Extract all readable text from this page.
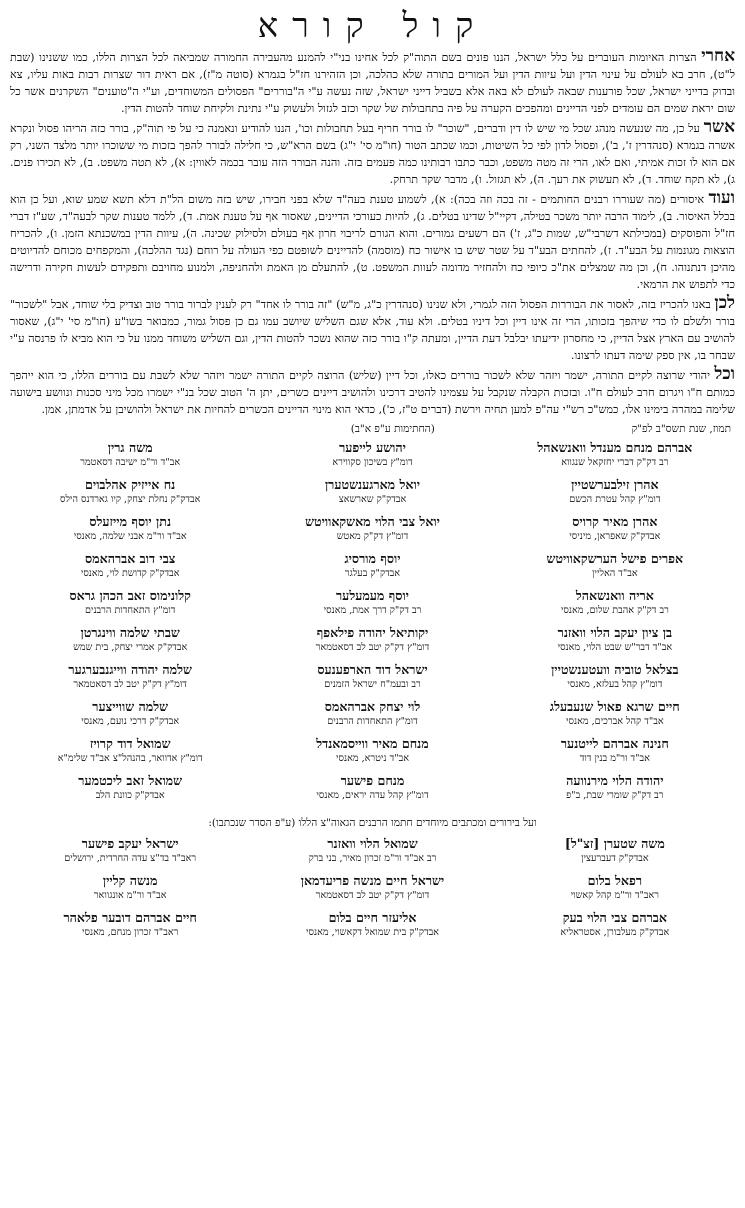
קול קורא

אחרי הצרות האיומות העוברים על כלל ישראל, הננו פונים בשם התוה"ק לכל אחינו בני"י להמנע מהעבירה החמורה שמביאה לכל הצרות הללו, כמו ששנינו (שבת ל"ט), חרב בא לעולם על עינוי הדין ועל עיוות הדין ועל המורים בתורה שלא כהלכה, וכן הזהירנו חז"ל בגמרא (סוטה מ"ז), אם ראית דור שצרות רבות באות עליו, צא ובדוק בדייני ישראל, שכל פורענות שבאה לעולם לא באה אלא בשביל דייני ישראל, שזה נעשה ע"י ה"בוררים" הפסולים המשוחדים, וע"י ה"טוענים" השקרנים אשר כל שום יראת שמים הם עומדים לפני הדיינים ומהפכים הקערה על פיה בתחבולות של שקר וכזב לגזול ולעשוק ע"י נתינת ולקיחת שוחד להטות הדין.

אשר על כן, מה שנעשה מנהג שכל מי שיש לו דין ודברים, "שוכר" לו בורר חריף בעל תחבולות וכו', הננו להודיע ונאמנה כי על פי תוה"ק, בורר כזה הריהו פסול ונקרא אשרה בגמרא (סנהדרין ז', ב'), ופסול לדון לפי כל השיטות, וכמו שכתב הטור (חו"מ סי' י"ג) בשם הרא"ש, כי חלילה לבורר להפך בזכות מי ששוכרו יותר מלצד השני, רק אם הוא לו זכות אמיתי, ואם לאו, הרי זה מטה משפט, וכבר כתבו רבותינו כמה פעמים בזה. והנה הבורר הזה עובר בכמה לאווין: א), לא תטה משפט. ב), לא תכירו פנים. ג), לא תקח שוחד. ד), לא תעשוק את רעך. ה), לא תגזול. ו), מדבר שקר תרחק.

ועוד איסורים (מה שעוררו רבנים החותמים - זה בכה וזה בכה): א), לשמוע טענת בעה"ד שלא בפני חבירו, שיש בזה משום הל"ת דלא תשא שמע שוא, ועל כן הוא בכלל האיסור. ב), לימוד הרבה יותר משכר בטילה, דקיי"ל שדינו בטלים. ג), להיות כעורכי הדיינים, שאסור אף על טענת אמת. ד), ללמד טענות שקר לבעה"ד, שע"ז דברי חז"ל והפוסקים (במכילתא דשרבי"ש, שמות כ"ג, ז') הם רשעים גמורים. והוא הגורם לריבוי חרון אף בעולם ולסילוק שכינה. ה), עיוות הדין במשכנתא הזמן. ו), להכריח הוצאות מגונמות על הבע"ד. ז), להחתים הבע"ד על שטר שיש בו אישור כח (מוסמה) להדיינים לשופטם כפי העולה על רוחם (נגד ההלכה), והמקפחים מכוחם להדיוטים מהיכן דנתנוהו. ח), וכן מה שמצלים את"כ כיופי כח ולהחזיר מדומה לעוות המשפט. ט), להתעלם מן האמת ולהחניפה, ולמנוע מחויבם ותפקידם לעשות חקירה ודרישה כדי לתפוש את הרמאי.

לכן באנו להכריז בזה, לאסור את הבוררות הפסול הזה לגמרי, ולא שנינו (סנהדרין כ"ג, מ"ש) "זה בורר לו אחד" רק לענין לברור בורר טוב וצדיק בלי שוחד, אבל "לשכור" בורר ולשלם לו כדי שיהפך בזכותו, הרי זה אינו דיין וכל דיניו בטלים. ולא עוד, אלא שגם השליש שיושב עמו גם כן פסול גמור, כמבואר בשו"ע (חו"מ סי' י"ג), שאסור להושיב עם הארץ אצל הדיין, כי מחסרון ידיעתו יבלבל דעת הדיין, ומעתה ק"ו בורר כזה שהוא נשכר להטות הדין, וגם השליש משוחד ממנו על כי הוא מביא לו פרנסה ע"י שבחר בו, אין ספק שימה דעתו לרצונו.

וכל יהודי שרוצה לקיים התורה, ישמר ויזהר שלא לשכור בוררים כאלו, וכל דיין (שליש) הרוצה לקיים התורה ישמר ויזהר שלא לשבת עם בוררים הללו, כי הוא ייהפך כמותם ח"ו ויגרום חרב לעולם ח"ו. ובזכות הקבלה שנקבל על עצמינו להטיב דרכינו ולהושיב דיינים כשרים, יתן ה' הטוב שכל בנ"י ישמרו מכל מיני סכנות ונוושע בישועה שלימה במהרה בימינו אלו, כמש"כ רש"י עה"פ למען תחיה וירשת (דברים ט"ז, כ'), כדאי הוא מינוי הדיינים הכשרים להחיות את ישראל ולהושיבן על אדמתן, אמן.

תמוז, שנת תשס"ב לפ"ק
(החתימות ע"פ א"ב)
אברהם מנחם מענדל וואנשאהל
רב דק"ק דברי יחזקאל שנגווא
יהושע לייפער
דומ"ץ בשיכון סקווירא
משה גרין
אב"ד ור"מ ישיבה דסאטמר
אהרן זילבערשטיין
דומ"ץ קהל עטרת הכשם
יואל מארגענשטערן
אבדק"ק שארשאצ
נח אייזיק אהלבוים
אבדק"ק נחלת יצחק, קיו גארדנס הילס
אהרן מאיר קרויס
אבדק"ק שאפראן, מיניסי
יואל צבי הלוי מאשקאוויטש
דומ"ץ דק"ק מאטש
נתן יוסף מייזעלס
אב"ד ור"מ אבני שלמה, מאנסי
אפרים פישל הערשקאוויטש
אב"ד האליין
יוסף מורסיג
אבדק"ק בעלגר
צבי דוב אברהאמס
אבדק"ק קדושת לוי, מאנסי
אריה וואנשאהל
רב דק"ק אהבת שלום, מאנסי
יוסף מעמעלער
רב דק"ק דרך אמת, מאנסי
קלונימוס זאב הכהן גראס
דומ"ץ התאחדות הרבנים
בן ציון יעקב הלוי וואזנר
אב"ד דבר"ש שבט הלוי, מאנסי
יקותיאל יהודה פילאפף
דומ"ץ דק"ק יטב לב דסאטמאר
שבתי שלמה ווינגרטן
אבדק"ק אמרי יצחק, בית שמש
בצלאל טוביה וועטענשטיין
דומ"ץ קהל בעלזא, מאנסי
ישראל דוד הארפענעס
רב ובעמ"ח ישראל הזמנים
שלמה יהודה ווייגנבערגער
דומ"ץ דק"ק יטב לב דסאטמאר
חיים שרגא פאול שנעבעלג
אב"ד קהל אברכים, מאנסי
לוי יצחק אברהאמס
דומ"ץ התאחדות הרבנים
שלמה שווייצער
אבדק"ק דרכי נועם, מאנסי
חנינה אברהם לייטנער
אב"ד ור"מ בנין דוד
מנחם מאיר ווייסמאנדל
אב"ד ניטרא, מאנסי
שמואל דוד קרויז
דומ"ץ אדוואר, בהנהל"צ אב"ד שלימ"א
יהודה הלוי מירנוועה
רב דק"ק שומרי שבת, ב"פ
מנחם פישער
דומ"ץ קהל עדה יראים, מאנסי
שמואל זאב ליכטמער
אבדק"ק כוונת הלב
ועל בירורים ומכתבים מיוחדים חתמו הרבנים הגאוה"צ הללו (ע"פ הסדר שנכתבו):
משה שטערן [זצ"ל]
אבדק"ק דעברעצין
שמואל הלוי וואזנר
רב אב"ד ור"מ זכרון מאיר, בני ברק
ישראל יעקב פישער
ראב"ד בד"צ עדה החרדית, ירושלים
רפאל בלום
ראב"ד ור"מ קהל קאשוי
ישראל חיים מנשה פריעדמאן
דומ"ץ דק"ק יטב לב דסאטמאר
מנשה קליין
אב"ד ור"מ אונגוואר
אברהם צבי הלוי בעק
אבדק"ק מעלבורן, אסטראליא
אליעזר חיים בלום
אבדק"ק בית שמואל דקאשוי, מאנסי
חיים אברהם דובער פלאהר
ראב"ד זכרון מנחם, מאנסי
